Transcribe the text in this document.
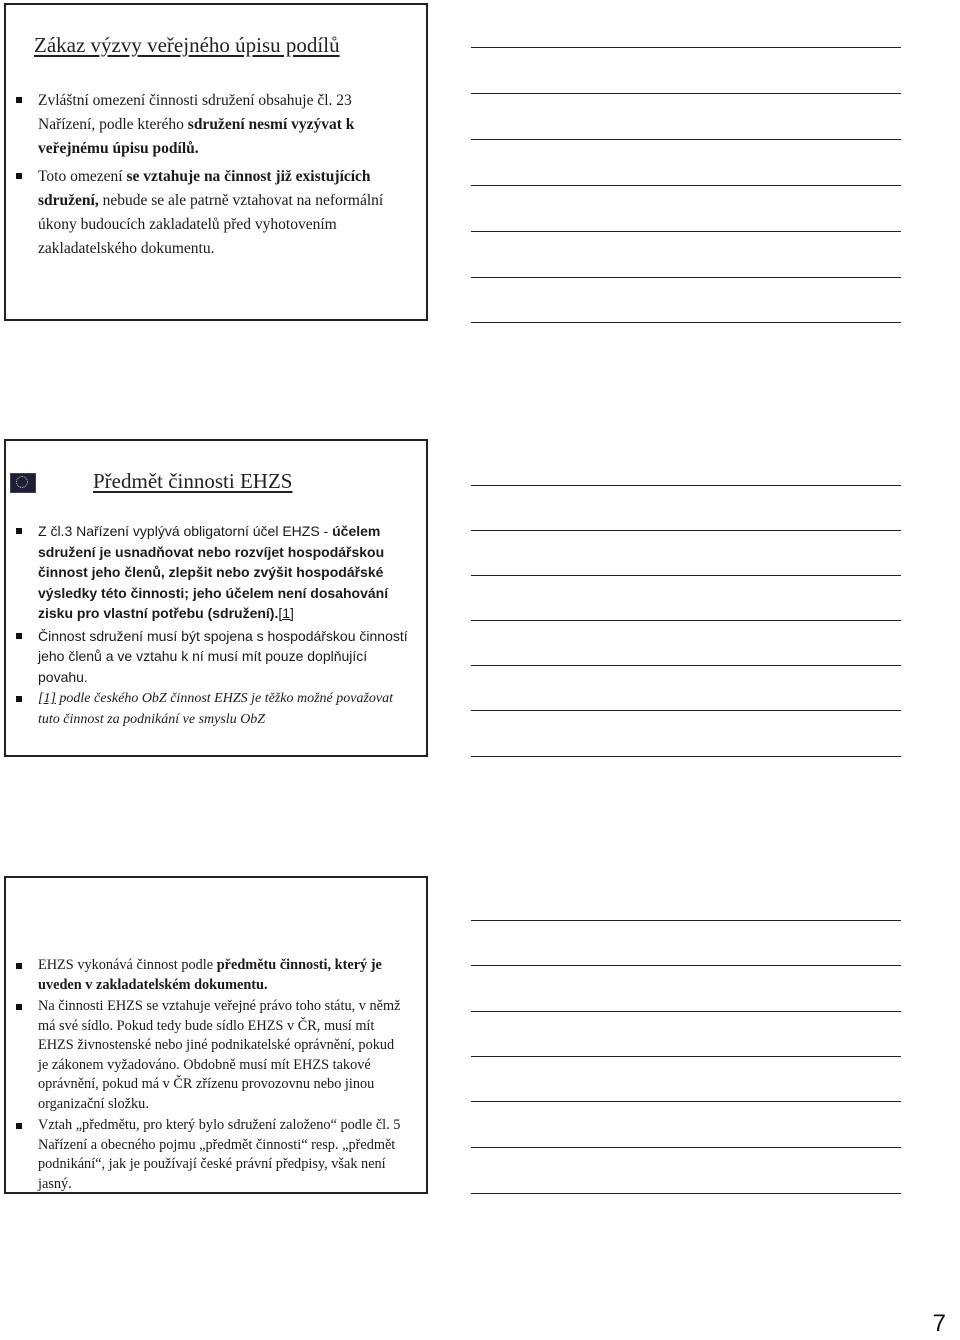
Zákaz výzvy veřejného úpisu podílů
Zvláštní omezení činnosti sdružení obsahuje čl. 23 Nařízení, podle kterého sdružení nesmí vyzývat k veřejnému úpisu podílů.
Toto omezení se vztahuje na činnost již existujících sdružení, nebude se ale patrně vztahovat na neformální úkony budoucích zakladatelů před vyhotovením zakladatelského dokumentu.
Předmět činnosti EHZS
Z čl.3 Nařízení vyplývá obligatorní účel EHZS - účelem sdružení je usnadňovat nebo rozvíjet hospodářskou činnost jeho členů, zlepšit nebo zvýšit hospodářské výsledky této činnosti; jeho účelem není dosahování zisku pro vlastní potřebu (sdružení).[1]
Činnost sdružení musí být spojena s hospodářskou činností jeho členů a ve vztahu k ní musí mít pouze doplňující povahu.
[1] podle českého ObZ činnost EHZS je těžko možné považovat tuto činnost za podnikání ve smyslu ObZ
EHZS vykonává činnost podle předmětu činnosti, který je uveden v zakladatelském dokumentu.
Na činnosti EHZS se vztahuje veřejné právo toho státu, v němž má své sídlo. Pokud tedy bude sídlo EHZS v ČR, musí mít EHZS živnostenské nebo jiné podnikatelské oprávnění, pokud je zákonem vyžadováno. Obdobně musí mít EHZS takové oprávnění, pokud má v ČR zřízenu provozovnu nebo jinou organizační složku.
Vztah „předmětu, pro který bylo sdružení založeno“ podle čl. 5 Nařízení a obecného pojmu „předmět činnosti“ resp. „předmět podnikání“, jak je používají české právní předpisy, však není jasný.
7
